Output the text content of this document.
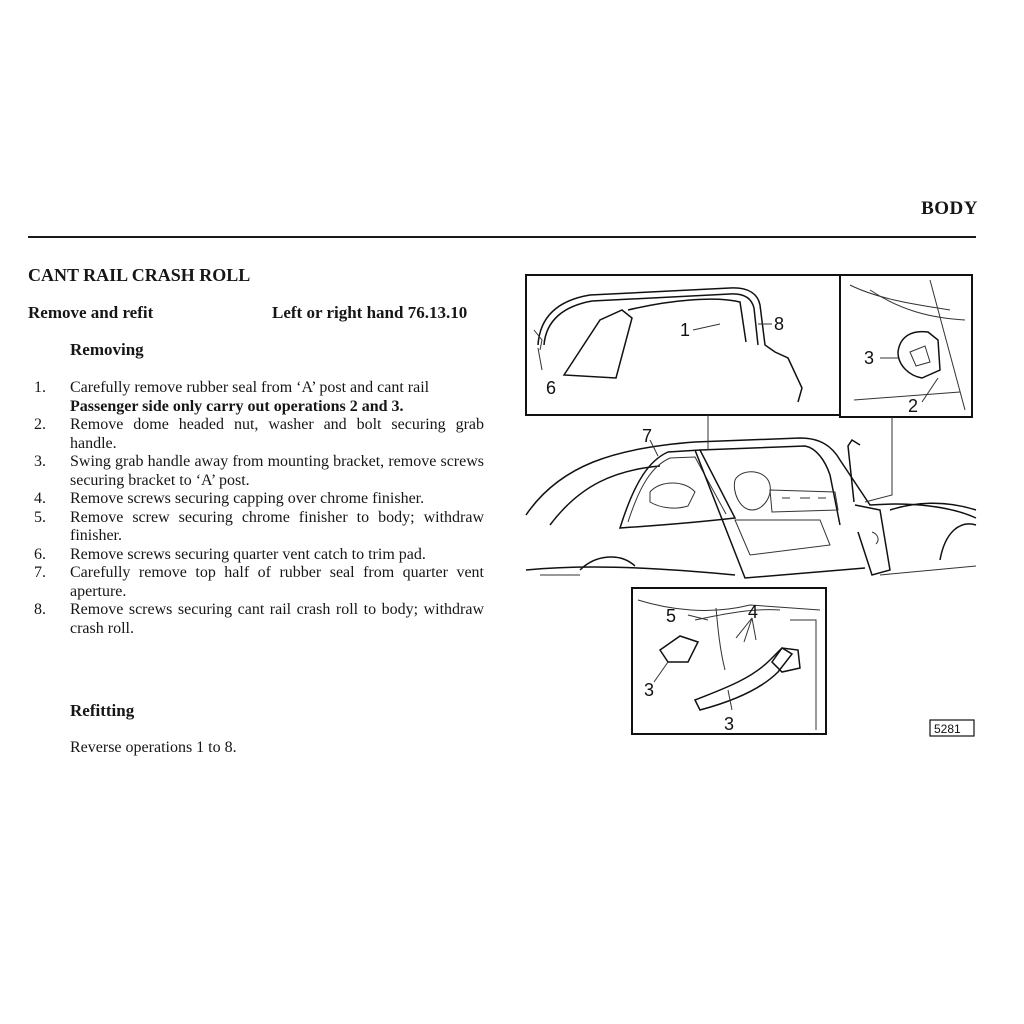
BODY
CANT RAIL CRASH ROLL
Remove and refit	Left or right hand 76.13.10
Removing
1. Carefully remove rubber seal from ‘A’ post and cant rail
Passenger side only carry out operations 2 and 3.
2. Remove dome headed nut, washer and bolt securing grab handle.
3. Swing grab handle away from mounting bracket, remove screws securing bracket to ‘A’ post.
4. Remove screws securing capping over chrome finisher.
5. Remove screw securing chrome finisher to body; withdraw finisher.
6. Remove screws securing quarter vent catch to trim pad.
7. Carefully remove top half of rubber seal from quarter vent aperture.
8. Remove screws securing cant rail crash roll to body; withdraw crash roll.
Refitting
Reverse operations 1 to 8.
1	8
6
3
2
7
5	4
3
3	5281
